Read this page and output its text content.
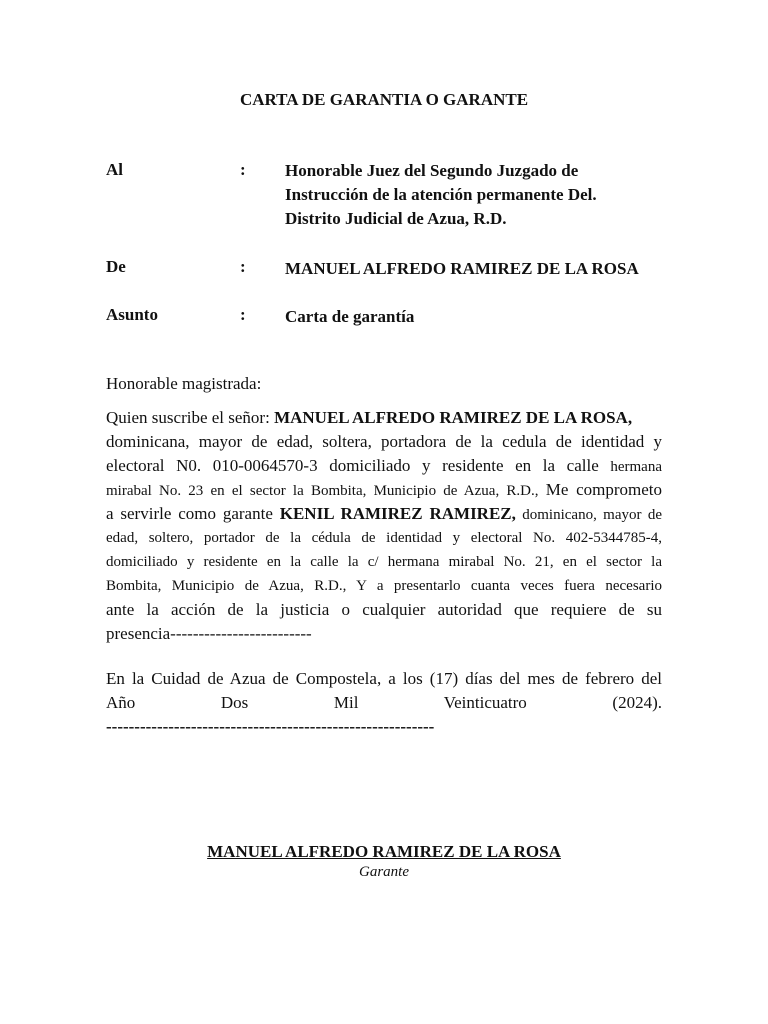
CARTA DE GARANTIA O GARANTE
Al	: Honorable Juez del Segundo Juzgado de
Instrucción de la atención permanente Del.
Distrito Judicial de Azua, R.D.
De	: MANUEL ALFREDO RAMIREZ DE LA ROSA
Asunto	: Carta de garantía
Honorable magistrada:
Quien suscribe el señor: MANUEL ALFREDO RAMIREZ DE LA ROSA,
dominicana, mayor de edad, soltera, portadora de la cedula de identidad y
electoral N0. 010-0064570-3 domiciliado y residente en la calle hermana
mirabal No. 23 en el sector la Bombita, Municipio de Azua, R.D., Me comprometo
a servirle como garante KENIL RAMIREZ RAMIREZ, dominicano, mayor de
edad, soltero, portador de la cédula de identidad y electoral No. 402-5344785-4,
domiciliado y residente en la calle la c/ hermana mirabal No. 21, en el sector la
Bombita, Municipio de Azua, R.D., Y a presentarlo cuanta veces fuera necesario
ante la acción de la justicia o cualquier autoridad que requiere de su
presencia-------------------------
En la Cuidad de Azua de Compostela, a los (17) días del mes de febrero del
Año Dos Mil Veinticuatro (2024).
----------------------------------------------------------
MANUEL ALFREDO RAMIREZ DE LA ROSA
Garante
